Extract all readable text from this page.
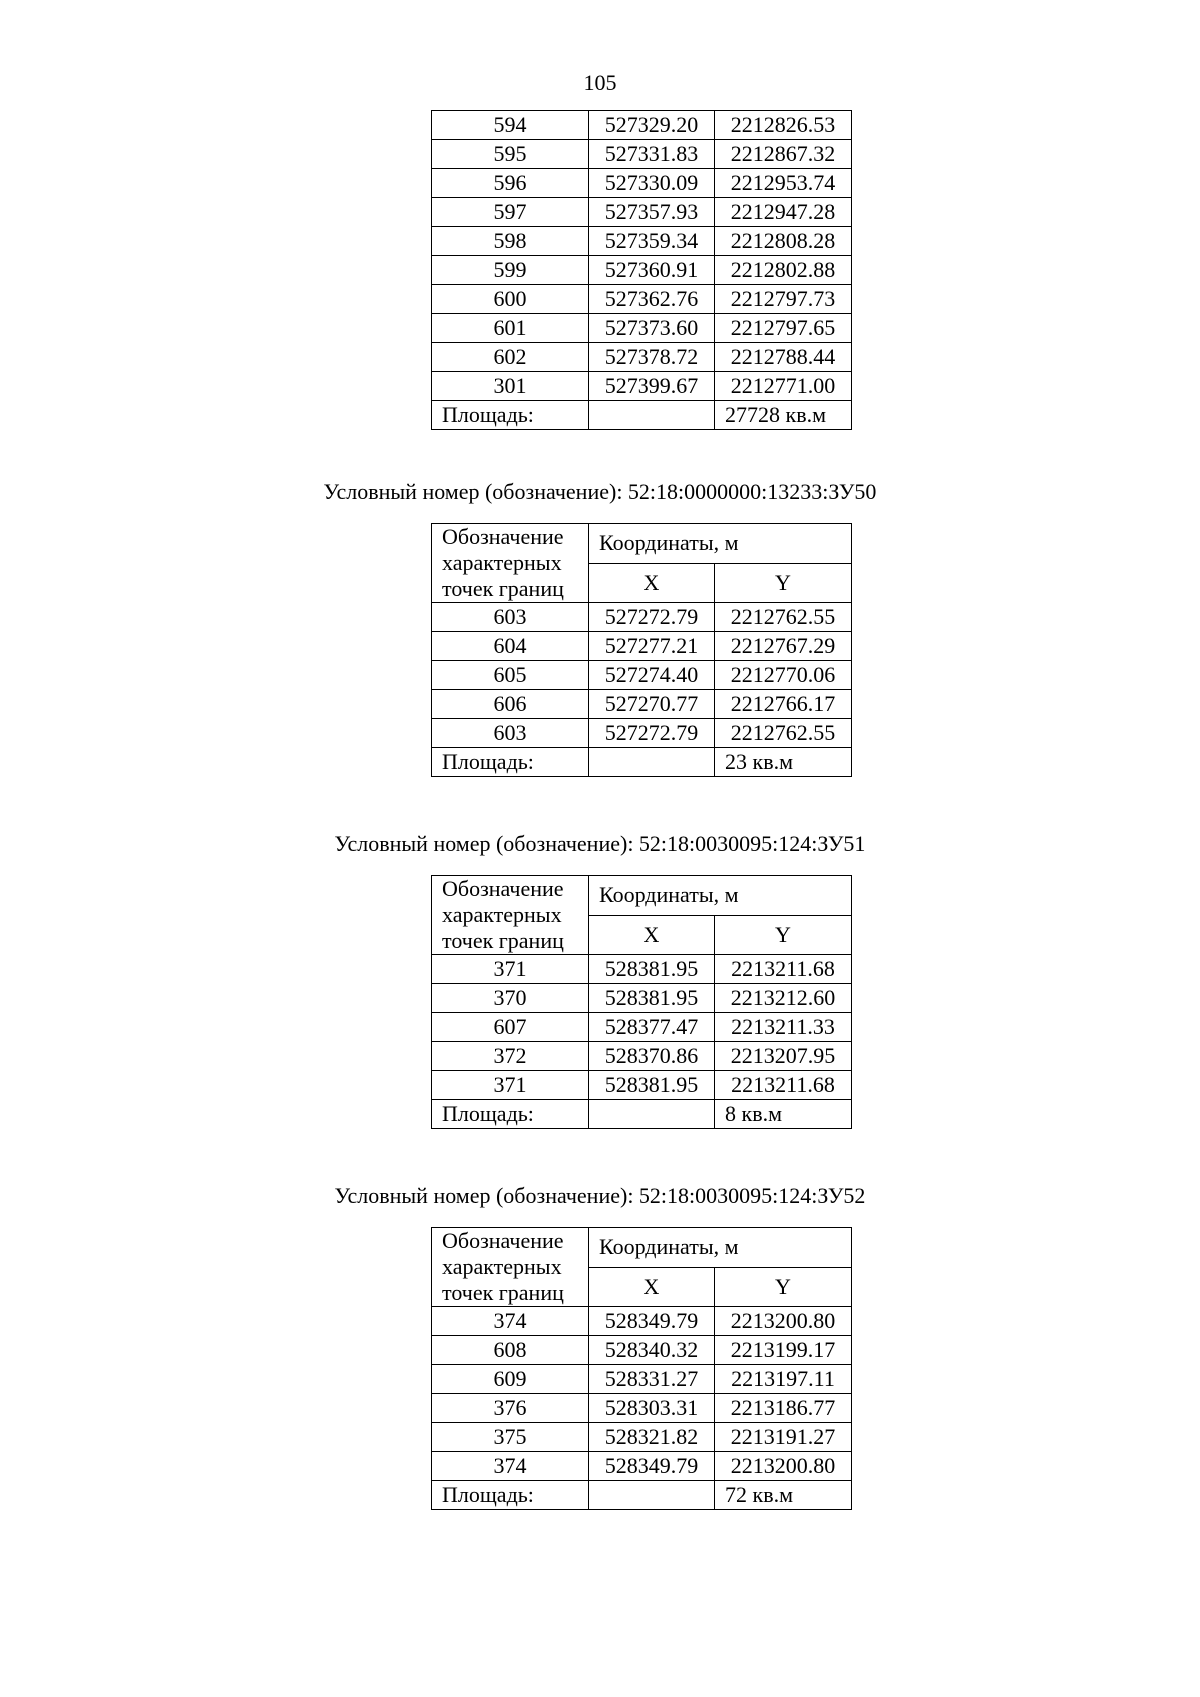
105
594	527329.20	2212826.53
595	527331.83	2212867.32
596	527330.09	2212953.74
597	527357.93	2212947.28
598	527359.34	2212808.28
599	527360.91	2212802.88
600	527362.76	2212797.73
601	527373.60	2212797.65
602	527378.72	2212788.44
301	527399.67	2212771.00
Площадь:		27728 кв.м
Условный номер (обозначение): 52:18:0000000:13233:ЗУ50
Обозначение
характерных
точек границ	Координаты, м	
	X	Y
603	527272.79	2212762.55
604	527277.21	2212767.29
605	527274.40	2212770.06
606	527270.77	2212766.17
603	527272.79	2212762.55
Площадь:		23 кв.м
Условный номер (обозначение): 52:18:0030095:124:ЗУ51
Обозначение
характерных
точек границ	Координаты, м	
	X	Y
371	528381.95	2213211.68
370	528381.95	2213212.60
607	528377.47	2213211.33
372	528370.86	2213207.95
371	528381.95	2213211.68
Площадь:		8 кв.м
Условный номер (обозначение): 52:18:0030095:124:ЗУ52
Обозначение
характерных
точек границ	Координаты, м	
	X	Y
374	528349.79	2213200.80
608	528340.32	2213199.17
609	528331.27	2213197.11
376	528303.31	2213186.77
375	528321.82	2213191.27
374	528349.79	2213200.80
Площадь:		72 кв.м
